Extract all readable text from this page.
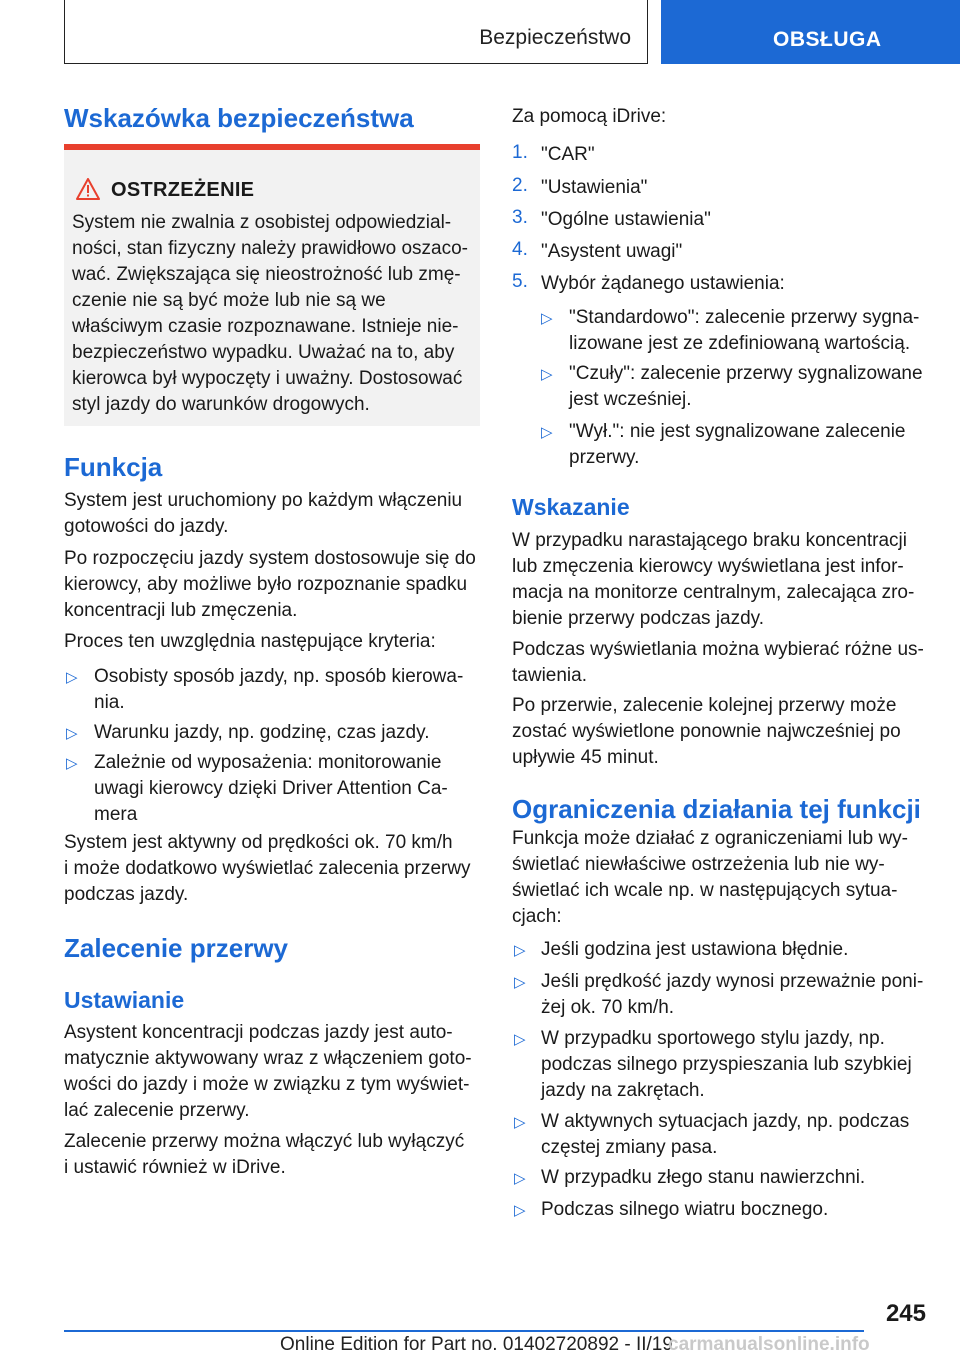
Bezpieczeństwo	OBSŁUGA
Wskazówka bezpieczeństwa
OSTRZEŻENIE
System nie zwalnia z osobistej odpowiedzial-
ności, stan fizyczny należy prawidłowo oszaco-
wać. Zwiększająca się nieostrożność lub zmę-
czenie nie są być może lub nie są we
właściwym czasie rozpoznawane. Istnieje nie-
bezpieczeństwo wypadku. Uważać na to, aby
kierowca był wypoczęty i uważny. Dostosować
styl jazdy do warunków drogowych.
Funkcja
System jest uruchomiony po każdym włączeniu
gotowości do jazdy.
Po rozpoczęciu jazdy system dostosowuje się do
kierowcy, aby możliwe było rozpoznanie spadku
koncentracji lub zmęczenia.
Proces ten uwzględnia następujące kryteria:
▷ Osobisty sposób jazdy, np. sposób kierowa-
nia.
▷ Warunku jazdy, np. godzinę, czas jazdy.
▷ Zależnie od wyposażenia: monitorowanie
uwagi kierowcy dzięki Driver Attention Ca-
mera
System jest aktywny od prędkości ok. 70 km/h
i może dodatkowo wyświetlać zalecenia przerwy
podczas jazdy.
Zalecenie przerwy
Ustawianie
Asystent koncentracji podczas jazdy jest auto-
matycznie aktywowany wraz z włączeniem goto-
wości do jazdy i może w związku z tym wyświet-
lać zalecenie przerwy.
Zalecenie przerwy można włączyć lub wyłączyć
i ustawić również w iDrive.
Za pomocą iDrive:
1. "CAR"
2. "Ustawienia"
3. "Ogólne ustawienia"
4. "Asystent uwagi"
5. Wybór żądanego ustawienia:
▷ "Standardowo": zalecenie przerwy sygna-
lizowane jest ze zdefiniowaną wartością.
▷ "Czuły": zalecenie przerwy sygnalizowane
jest wcześniej.
▷ "Wył.": nie jest sygnalizowane zalecenie
przerwy.
Wskazanie
W przypadku narastającego braku koncentracji
lub zmęczenia kierowcy wyświetlana jest infor-
macja na monitorze centralnym, zalecająca zro-
bienie przerwy podczas jazdy.
Podczas wyświetlania można wybierać różne us-
tawienia.
Po przerwie, zalecenie kolejnej przerwy może
zostać wyświetlone ponownie najwcześniej po
upływie 45 minut.
Ograniczenia działania tej funkcji
Funkcja może działać z ograniczeniami lub wy-
świetlać niewłaściwe ostrzeżenia lub nie wy-
świetlać ich wcale np. w następujących sytua-
cjach:
▷ Jeśli godzina jest ustawiona błędnie.
▷ Jeśli prędkość jazdy wynosi przeważnie poni-
żej ok. 70 km/h.
▷ W przypadku sportowego stylu jazdy, np.
podczas silnego przyspieszania lub szybkiej
jazdy na zakrętach.
▷ W aktywnych sytuacjach jazdy, np. podczas
częstej zmiany pasa.
▷ W przypadku złego stanu nawierzchni.
▷ Podczas silnego wiatru bocznego.
245
Online Edition for Part no. 01402720892 - II/19
carmanualsonline.info
